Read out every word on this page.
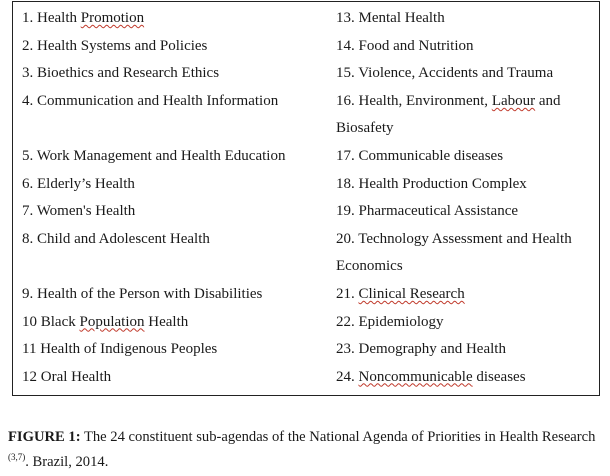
1. Health Promotion

2. Health Systems and Policies

3. Bioethics and Research Ethics

4. Communication and Health Information

5. Work Management and Health Education

6. Elderly’s Health

7. Women's Health

8. Child and Adolescent Health

9. Health of the Person with Disabilities

10 Black Population Health

11 Health of Indigenous Peoples

12 Oral Health

13. Mental Health

14. Food and Nutrition

15. Violence, Accidents and Trauma

16. Health, Environment, Labour and

Biosafety

17. Communicable diseases

18. Health Production Complex

19. Pharmaceutical Assistance

20. Technology Assessment and Health

Economics

21. Clinical Research

22. Epidemiology

23. Demography and Health

24. Noncommunicable diseases

FIGURE 1: The 24 constituent sub-agendas of the National Agenda of Priorities in Health Research $^{(3,7)}$. Brazil, 2014.
